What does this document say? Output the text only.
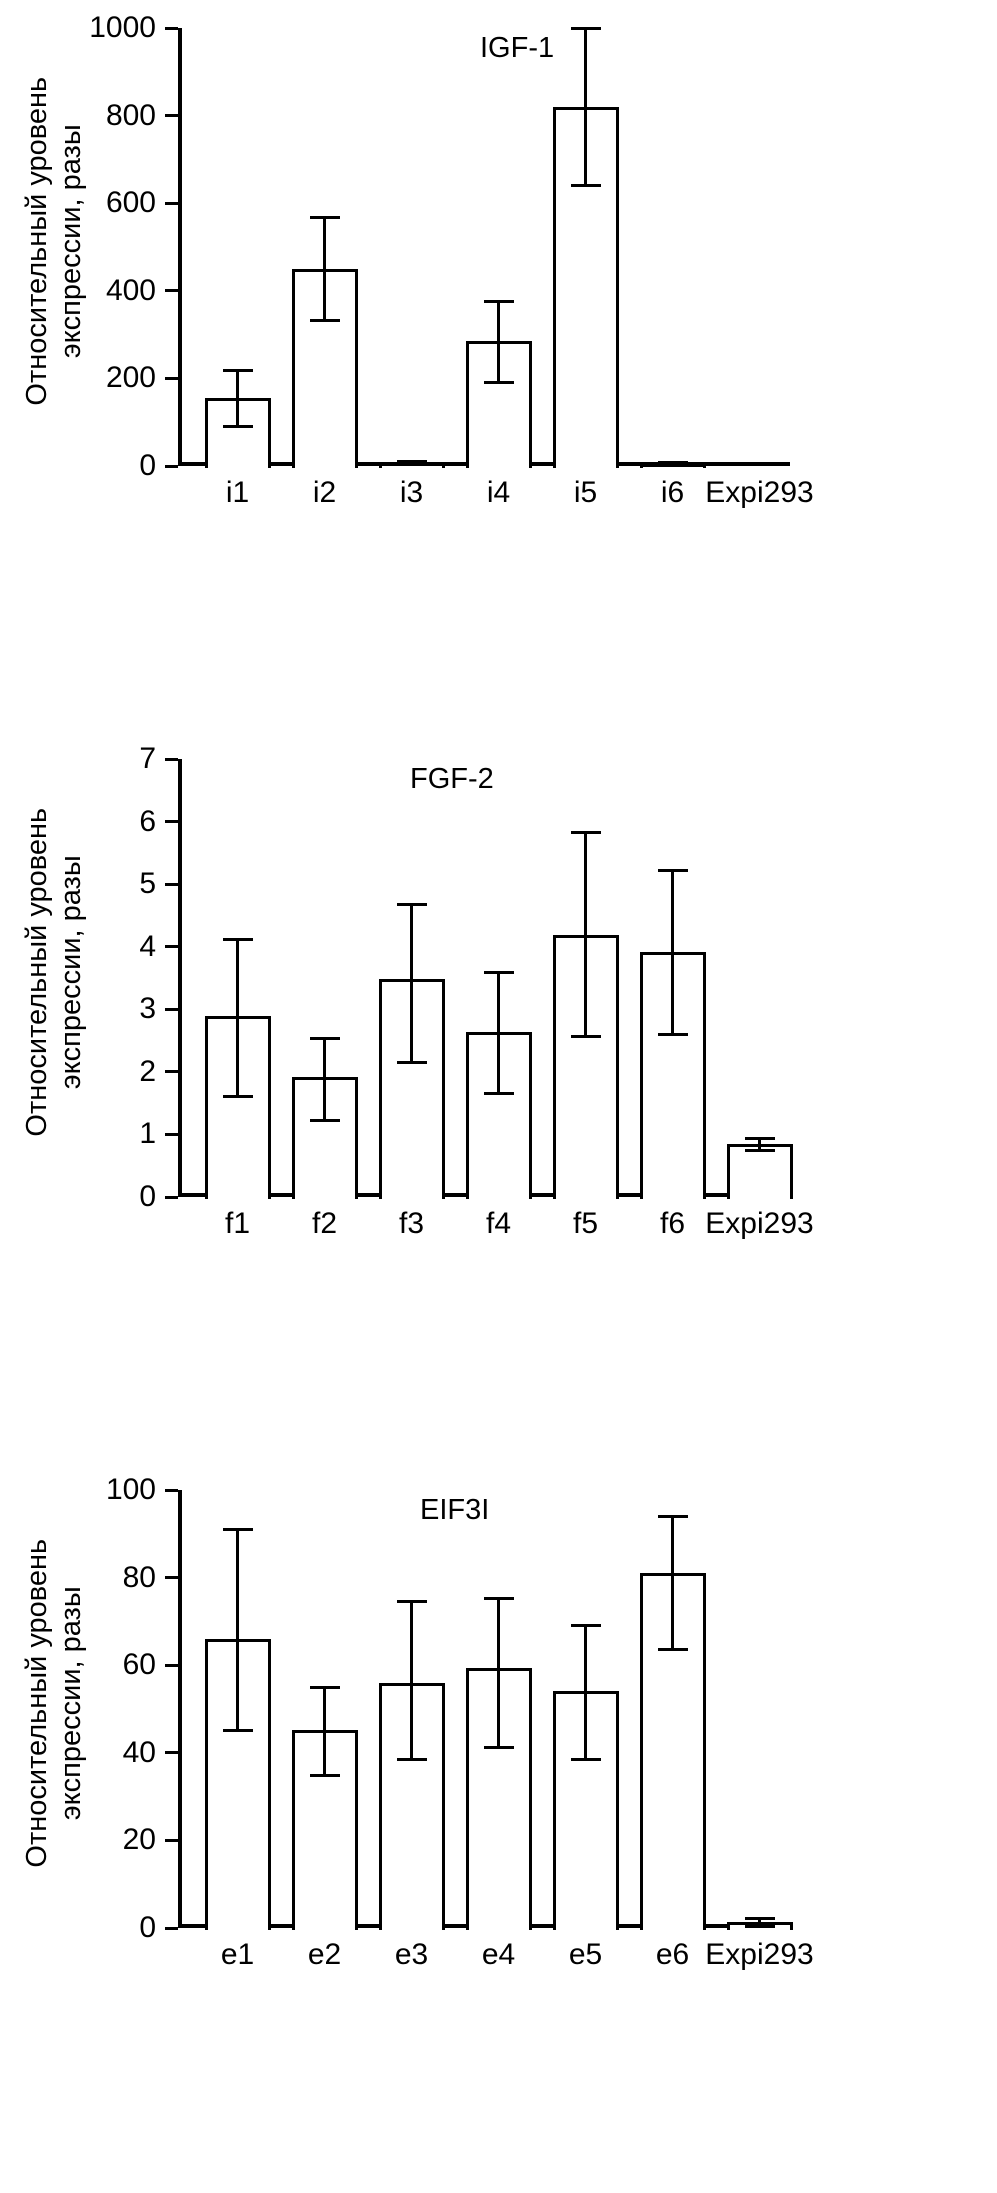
Относительный уровень экспрессии, разы
IGF-1
0
200
400
600
800
1000
i1	i2	i3	i4	i5	i6 Expi293
Относительный уровень экспрессии, разы
FGF-2
0
1
2
3
4
5
6
7
f1	f2	f3	f4	f5	f6 Expi293
Относительный уровень экспрессии, разы
EIF3I
0
20
40
60
80
100
e1	e2	e3	e4	e5	e6 Expi293
